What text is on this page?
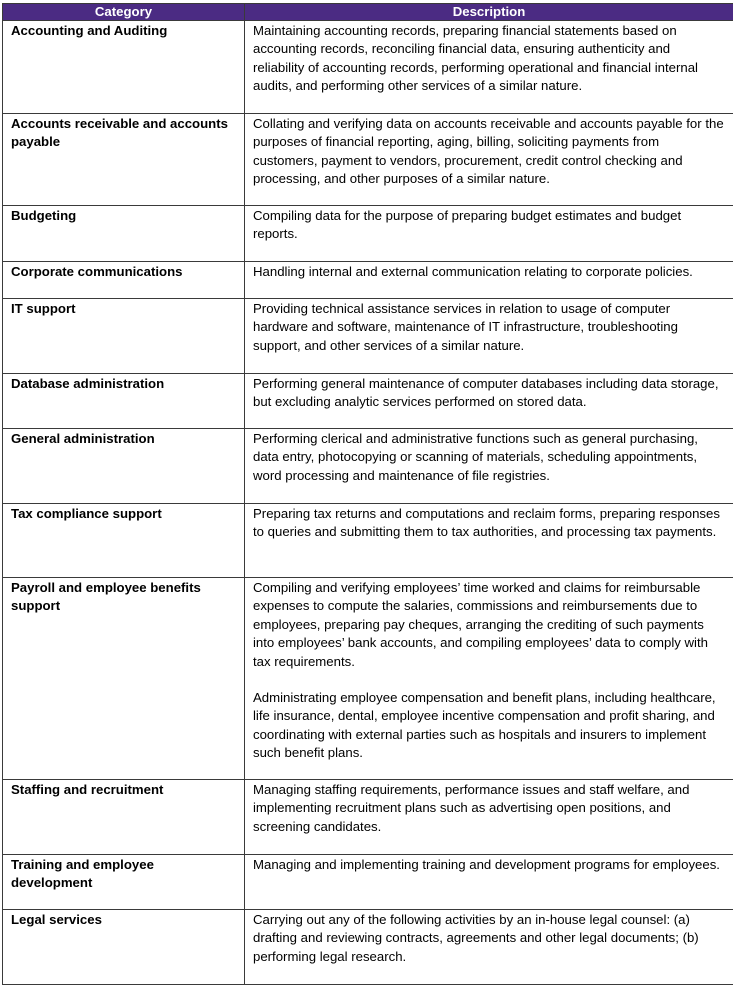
Category	Description
Accounting and Auditing	Maintaining accounting records, preparing financial statements based on accounting records, reconciling financial data, ensuring authenticity and reliability of accounting records, performing operational and financial internal audits, and performing other services of a similar nature.

Accounts receivable and accounts payable	Collating and verifying data on accounts receivable and accounts payable for the purposes of financial reporting, aging, billing, soliciting payments from customers, payment to vendors, procurement, credit control checking and processing, and other purposes of a similar nature.

Budgeting	Compiling data for the purpose of preparing budget estimates and budget reports.

Corporate communications	Handling internal and external communication relating to corporate policies.

IT support	Providing technical assistance services in relation to usage of computer hardware and software, maintenance of IT infrastructure, troubleshooting support, and other services of a similar nature.

Database administration	Performing general maintenance of computer databases including data storage, but excluding analytic services performed on stored data.

General administration	Performing clerical and administrative functions such as general purchasing, data entry, photocopying or scanning of materials, scheduling appointments, word processing and maintenance of file registries.

Tax compliance support	Preparing tax returns and computations and reclaim forms, preparing responses to queries and submitting them to tax authorities, and processing tax payments.

Payroll and employee benefits support	Compiling and verifying employees’ time worked and claims for reimbursable expenses to compute the salaries, commissions and reimbursements due to employees, preparing pay cheques, arranging the crediting of such payments into employees’ bank accounts, and compiling employees’ data to comply with tax requirements.

Administrating employee compensation and benefit plans, including healthcare, life insurance, dental, employee incentive compensation and profit sharing, and coordinating with external parties such as hospitals and insurers to implement such benefit plans.

Staffing and recruitment	Managing staffing requirements, performance issues and staff welfare, and implementing recruitment plans such as advertising open positions, and screening candidates.

Training and employee development	Managing and implementing training and development programs for employees.

Legal services	Carrying out any of the following activities by an in-house legal counsel: (a) drafting and reviewing contracts, agreements and other legal documents; (b) performing legal research.
